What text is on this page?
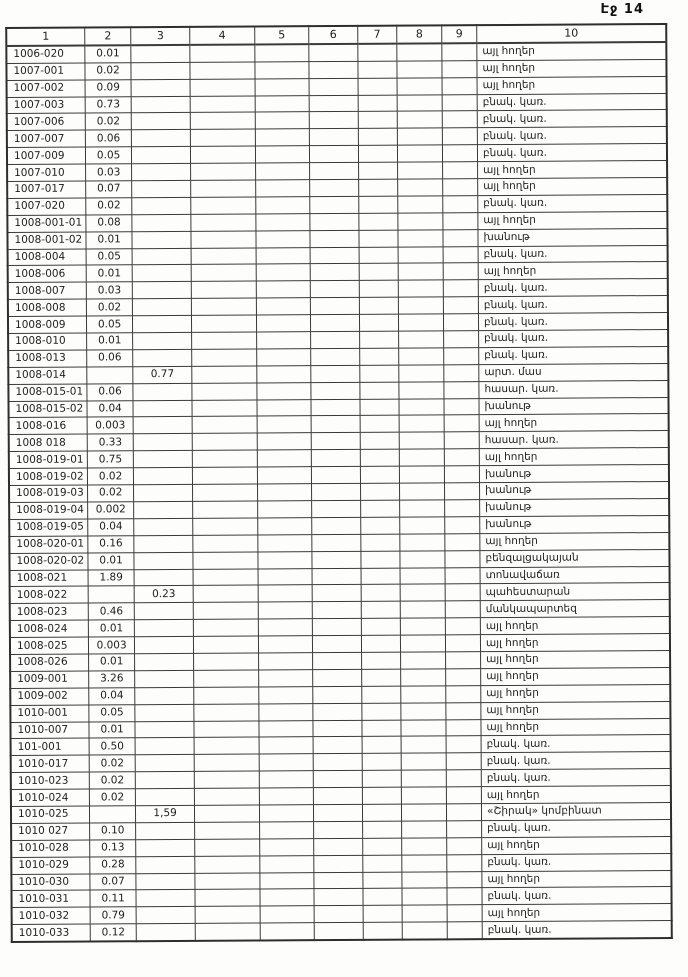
Էջ 14
1	2	3	4	5	6	7	8	9	10
1006-020	0.01								այլ հողեր
1007-001	0.02								այլ հողեր
1007-002	0.09								այլ հողեր
1007-003	0.73								բնակ. կառ.
1007-006	0.02								բնակ. կառ.
1007-007	0.06								բնակ. կառ.
1007-009	0.05								բնակ. կառ.
1007-010	0.03								այլ հողեր
1007-017	0.07								այլ հողեր
1007-020	0.02								բնակ. կառ.
1008-001-01	0.08								այլ հողեր
1008-001-02	0.01								խանութ
1008-004	0.05								բնակ. կառ.
1008-006	0.01								այլ հողեր
1008-007	0.03								բնակ. կառ.
1008-008	0.02								բնակ. կառ.
1008-009	0.05								բնակ. կառ.
1008-010	0.01								բնակ. կառ.
1008-013	0.06								բնակ. կառ.
1008-014		0.77							արտ. մաս
1008-015-01	0.06								հասար. կառ.
1008-015-02	0.04								խանութ
1008-016	0.003								այլ հողեր
1008 018	0.33								հասար. կառ.
1008-019-01	0.75								այլ հողեր
1008-019-02	0.02								խանութ
1008-019-03	0.02								խանութ
1008-019-04	0.002								խանութ
1008-019-05	0.04								խանութ
1008-020-01	0.16								այլ հողեր
1008-020-02	0.01								բենզալցակայան
1008-021	1.89								տոնավաճառ
1008-022		0.23							պահեստարան
1008-023	0.46								մանկապարտեզ
1008-024	0.01								այլ հողեր
1008-025	0.003								այլ հողեր
1008-026	0.01								այլ հողեր
1009-001	3.26								այլ հողեր
1009-002	0.04								այլ հողեր
1010-001	0.05								այլ հողեր
1010-007	0.01								այլ հողեր
101-001	0.50								բնակ. կառ.
1010-017	0.02								բնակ. կառ.
1010-023	0.02								բնակ. կառ.
1010-024	0.02								այլ հողեր
1010-025		1,59							«Շիրակ» կոմբինատ
1010 027	0.10								բնակ. կառ.
1010-028	0.13								այլ հողեր
1010-029	0.28								բնակ. կառ.
1010-030	0.07								այլ հողեր
1010-031	0.11								բնակ. կառ.
1010-032	0.79								այլ հողեր
1010-033	0.12								բնակ. կառ.
